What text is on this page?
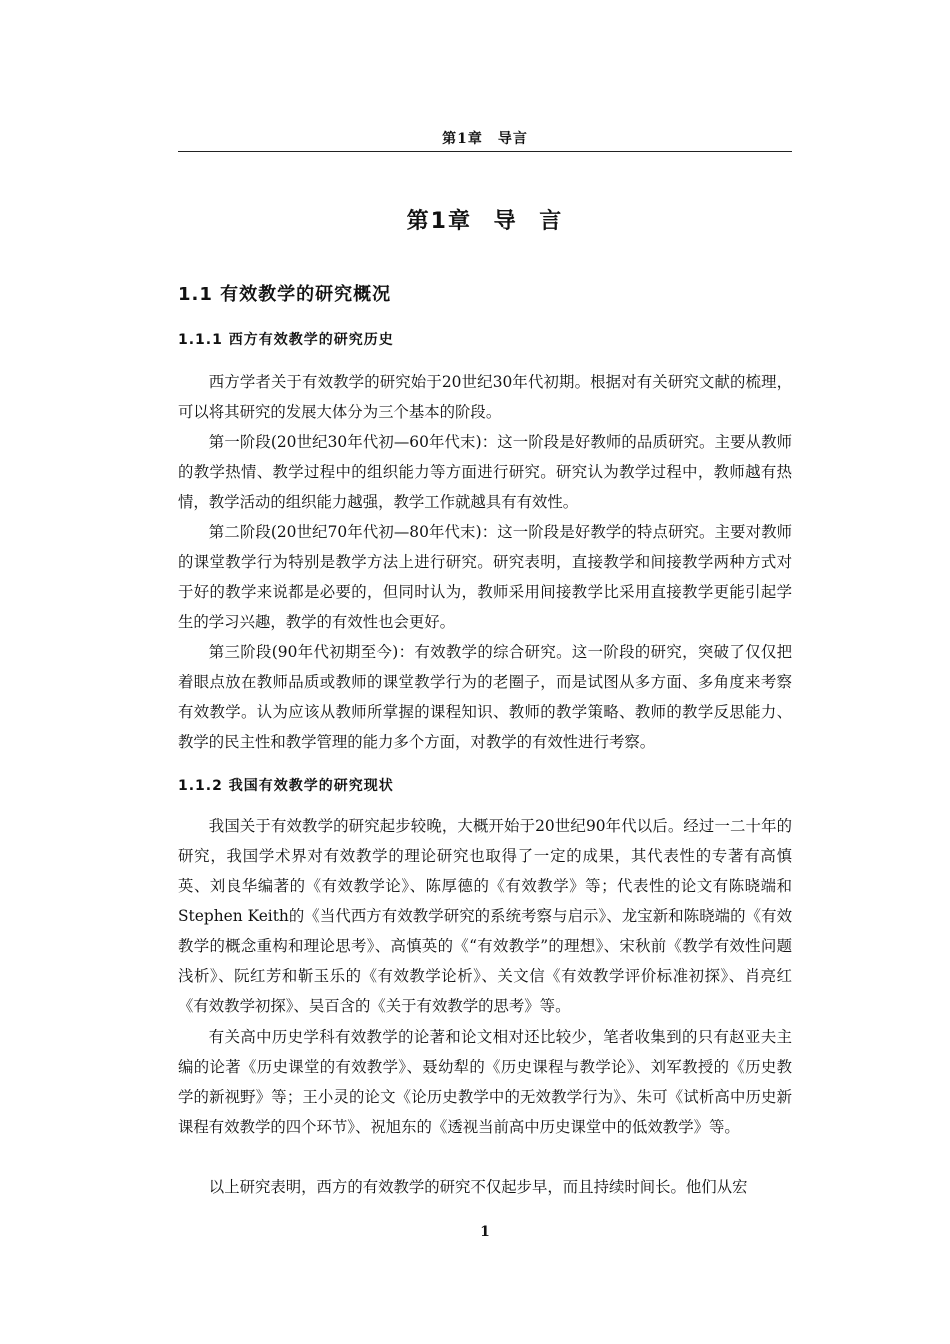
第1章　导言
第1章 导 言
1.1 有效教学的研究概况
1.1.1 西方有效教学的研究历史

西方学者关于有效教学的研究始于20世纪30年代初期。根据对有关研究文献的梳理，可以将其研究的发展大体分为三个基本的阶段。

第一阶段(20世纪30年代初—60年代末)：这一阶段是好教师的品质研究。主要从教师的教学热情、教学过程中的组织能力等方面进行研究。研究认为教学过程中，教师越有热情，教学活动的组织能力越强，教学工作就越具有有效性。

第二阶段(20世纪70年代初—80年代末)：这一阶段是好教学的特点研究。主要对教师的课堂教学行为特别是教学方法上进行研究。研究表明，直接教学和间接教学两种方式对于好的教学来说都是必要的，但同时认为，教师采用间接教学比采用直接教学更能引起学生的学习兴趣，教学的有效性也会更好。

第三阶段(90年代初期至今)：有效教学的综合研究。这一阶段的研究，突破了仅仅把着眼点放在教师品质或教师的课堂教学行为的老圈子，而是试图从多方面、多角度来考察有效教学。认为应该从教师所掌握的课程知识、教师的教学策略、教师的教学反思能力、教学的民主性和教学管理的能力多个方面，对教学的有效性进行考察。

1.1.2 我国有效教学的研究现状

我国关于有效教学的研究起步较晚，大概开始于20世纪90年代以后。经过一二十年的研究，我国学术界对有效教学的理论研究也取得了一定的成果，其代表性的专著有高慎英、刘良华编著的《有效教学论》、陈厚德的《有效教学》等；代表性的论文有陈晓端和Stephen Keith的《当代西方有效教学研究的系统考察与启示》、龙宝新和陈晓端的《有效教学的概念重构和理论思考》、高慎英的《“有效教学”的理想》、宋秋前《教学有效性问题浅析》、阮红芳和靳玉乐的《有效教学论析》、关文信《有效教学评价标准初探》、肖亮红《有效教学初探》、吴百含的《关于有效教学的思考》等。

有关高中历史学科有效教学的论著和论文相对还比较少，笔者收集到的只有赵亚夫主编的论著《历史课堂的有效教学》、聂幼犁的《历史课程与教学论》、刘军教授的《历史教学的新视野》等；王小灵的论文《论历史教学中的无效教学行为》、朱可《试析高中历史新课程有效教学的四个环节》、祝旭东的《透视当前高中历史课堂中的低效教学》等。

以上研究表明，西方的有效教学的研究不仅起步早，而且持续时间长。他们从宏

1
